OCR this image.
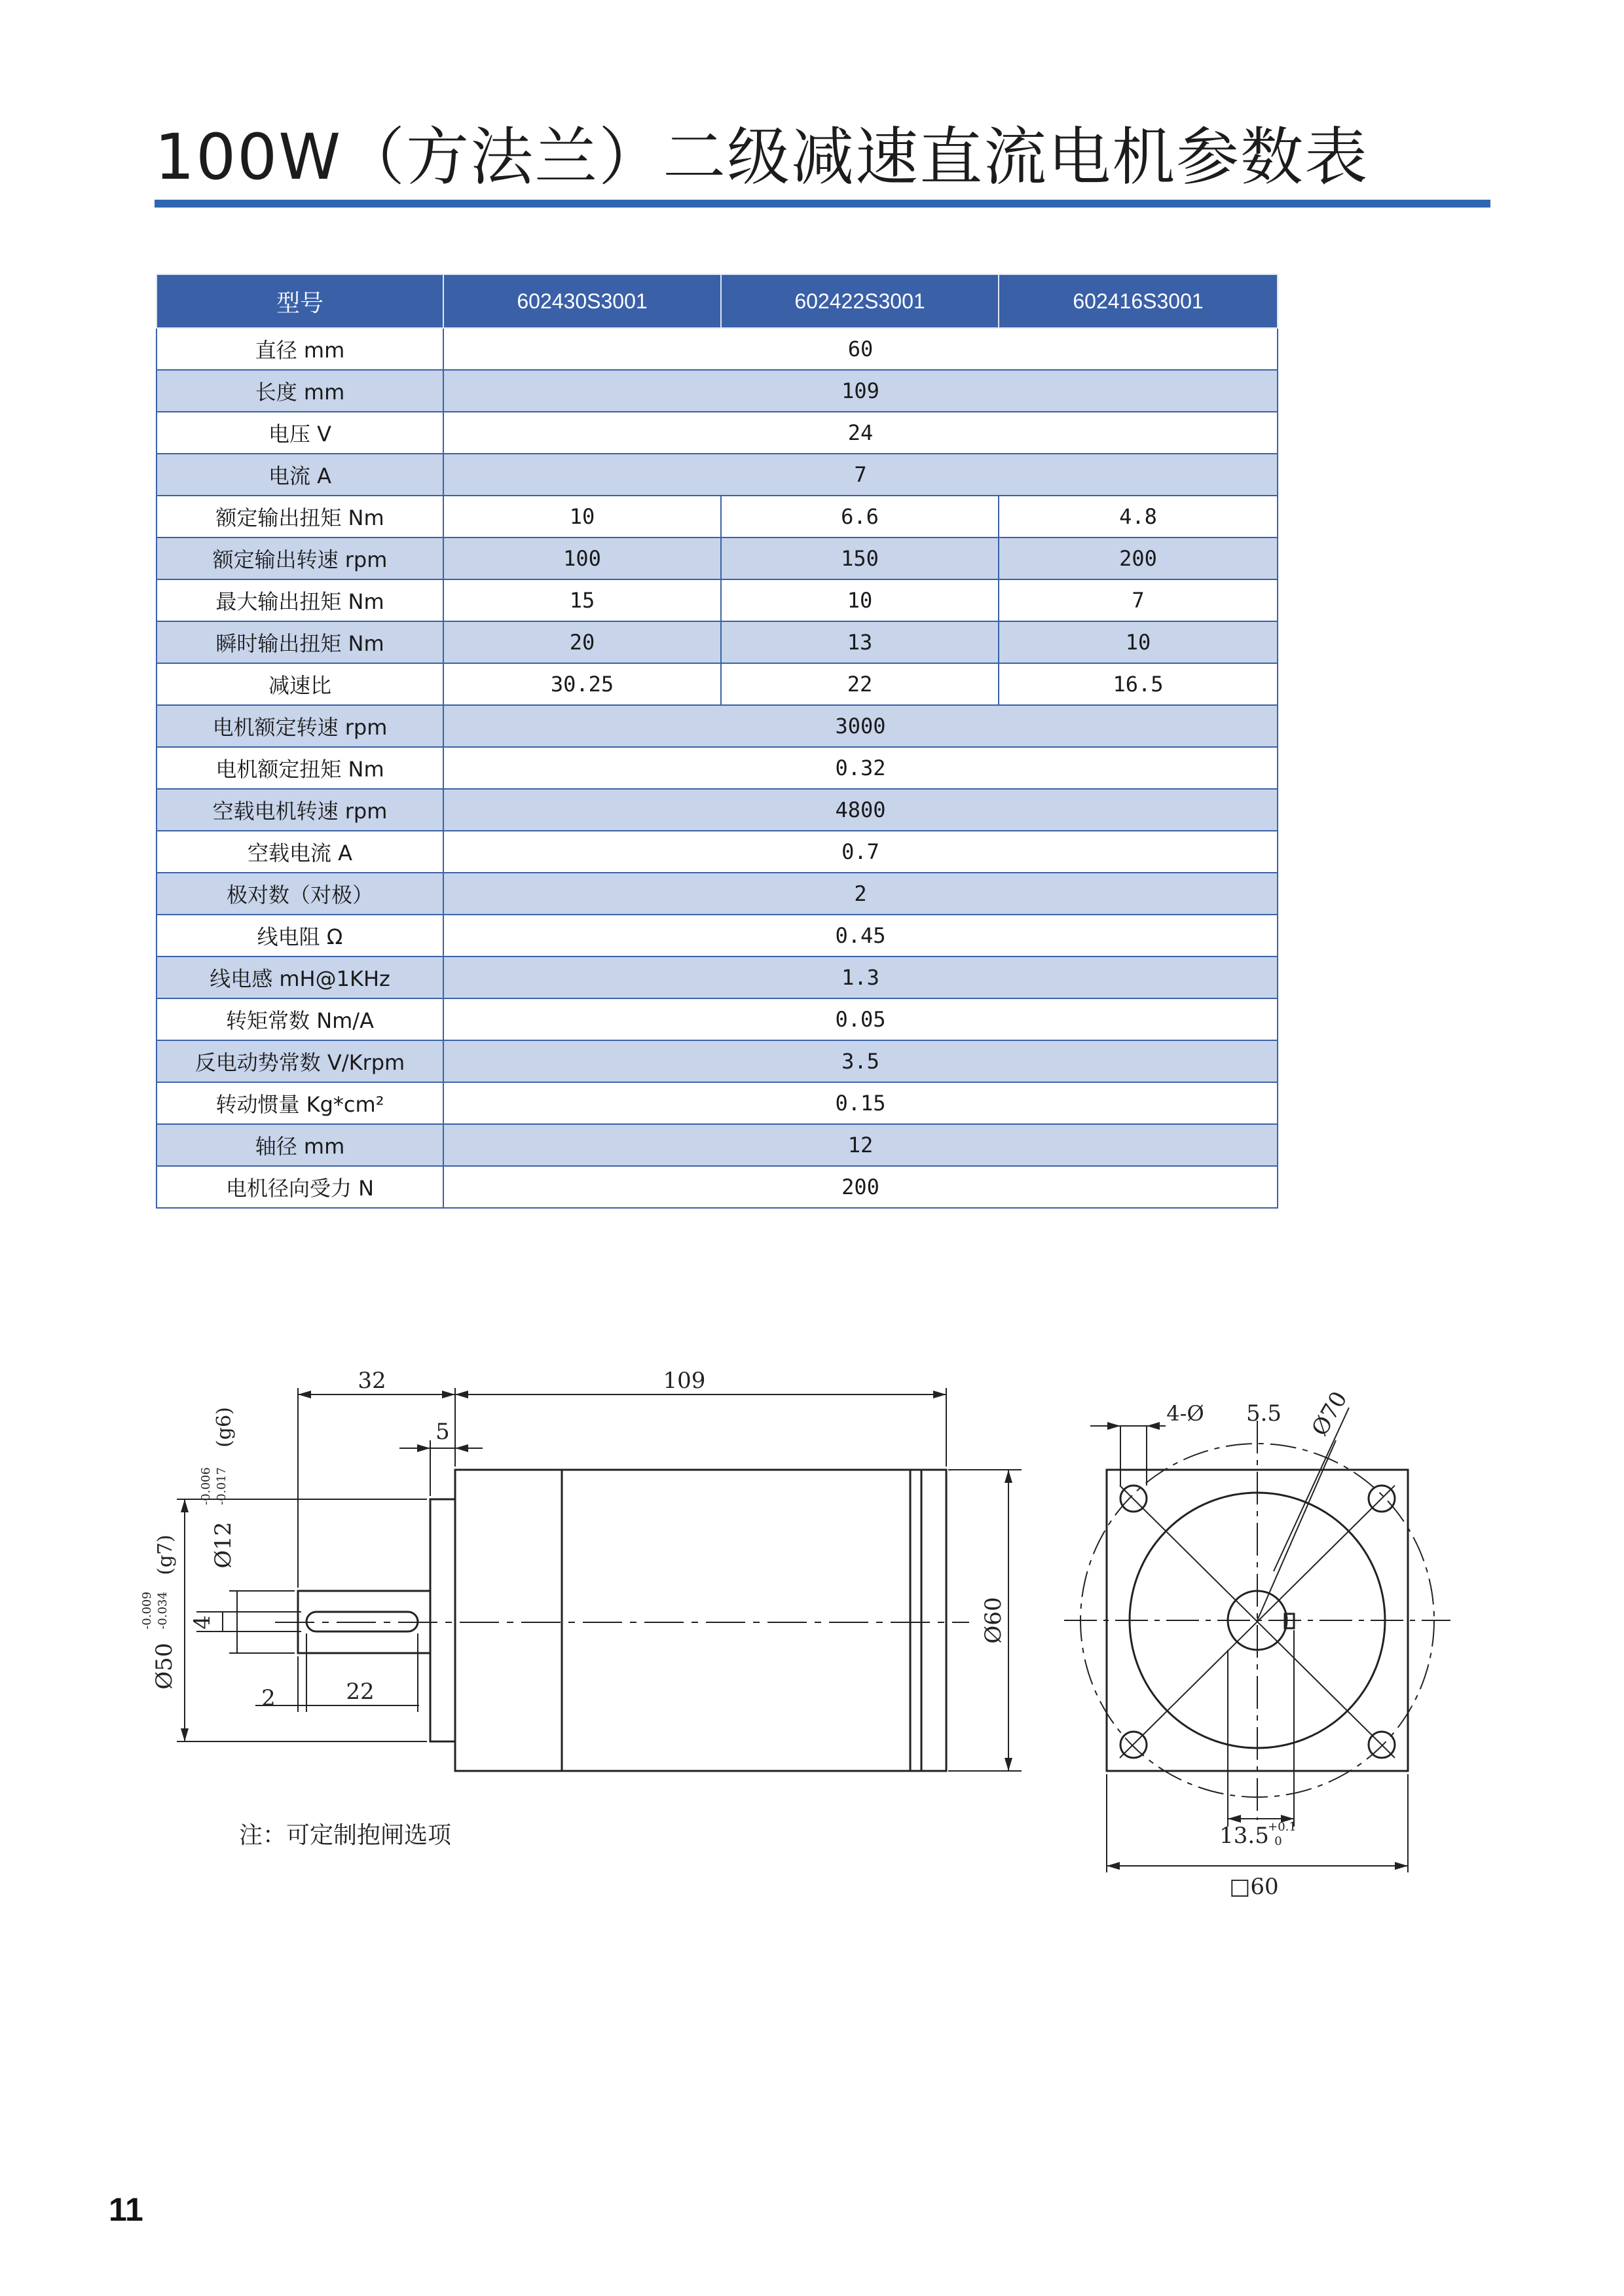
100W（方法兰）二级减速直流电机参数表
型号	602430S3001	602422S3001	602416S3001
直径 mm	60		
长度 mm	109		
电压 V	24		
电流 A	7		
额定输出扭矩 Nm	10	6.6	4.8
额定输出转速 rpm	100	150	200
最大输出扭矩 Nm	15	10	7
瞬时输出扭矩 Nm	20	13	10
减速比	30.25	22	16.5
电机额定转速 rpm	3000		
电机额定扭矩 Nm	0.32		
空载电机转速 rpm	4800		
空载电流 A	0.7		
极对数（对极）	2		
线电阻 Ω	0.45		
线电感 mH@1KHz	1.3		
转矩常数 Nm/A	0.05		
反电动势常数 V/Krpm	3.5		
转动惯量 Kg*cm²	0.15		
轴径 mm	12		
电机径向受力 N	200		
32	109
5
2	22
4
Ø12
-0.006 -0.017
(g6)
Ø50
-0.009 -0.034
(g7)
Ø60
4-Ø 5.5 Ø70
13.5
+0.1
0
□60
注：可定制抱闸选项
11
